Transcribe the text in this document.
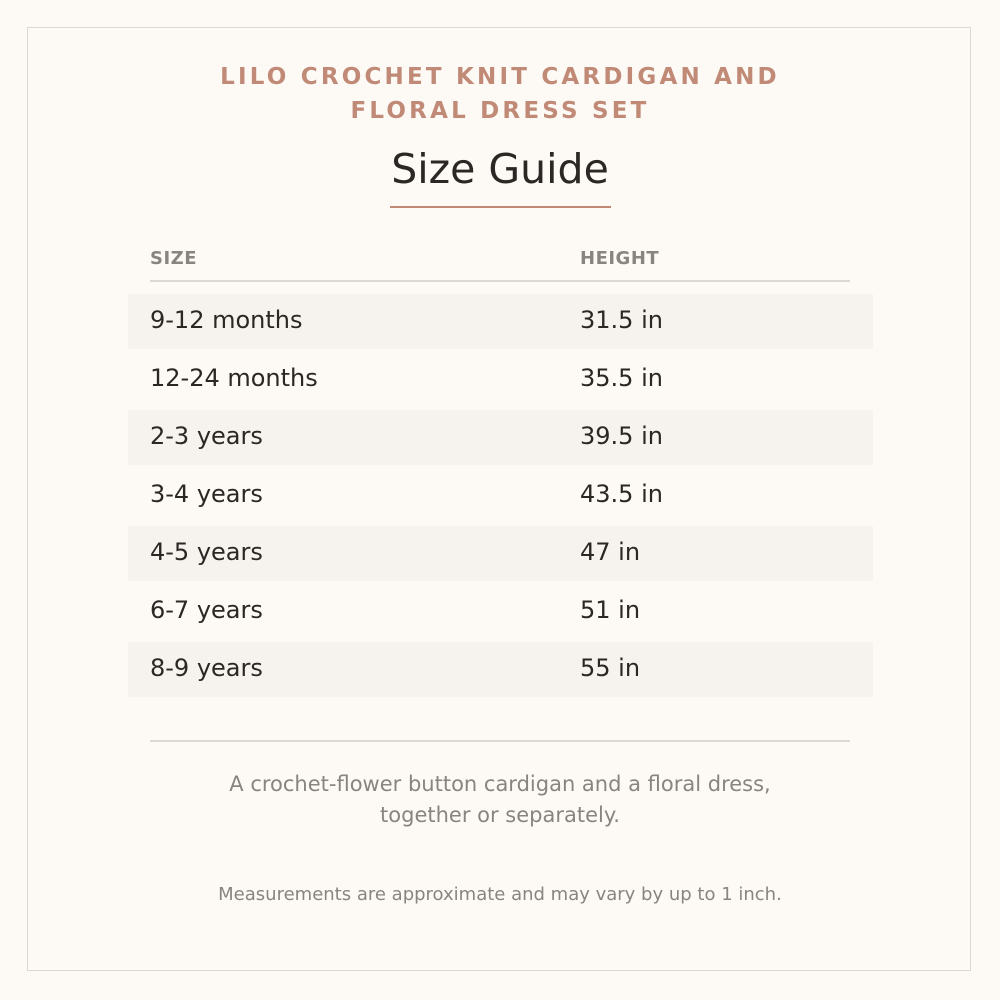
LILO CROCHET KNIT CARDIGAN AND
FLORAL DRESS SET
Size Guide
SIZE	HEIGHT
9-12 months	31.5 in
12-24 months	35.5 in
2-3 years	39.5 in
3-4 years	43.5 in
4-5 years	47 in
6-7 years	51 in
8-9 years	55 in
A crochet-flower button cardigan and a floral dress,
together or separately.
Measurements are approximate and may vary by up to 1 inch.
